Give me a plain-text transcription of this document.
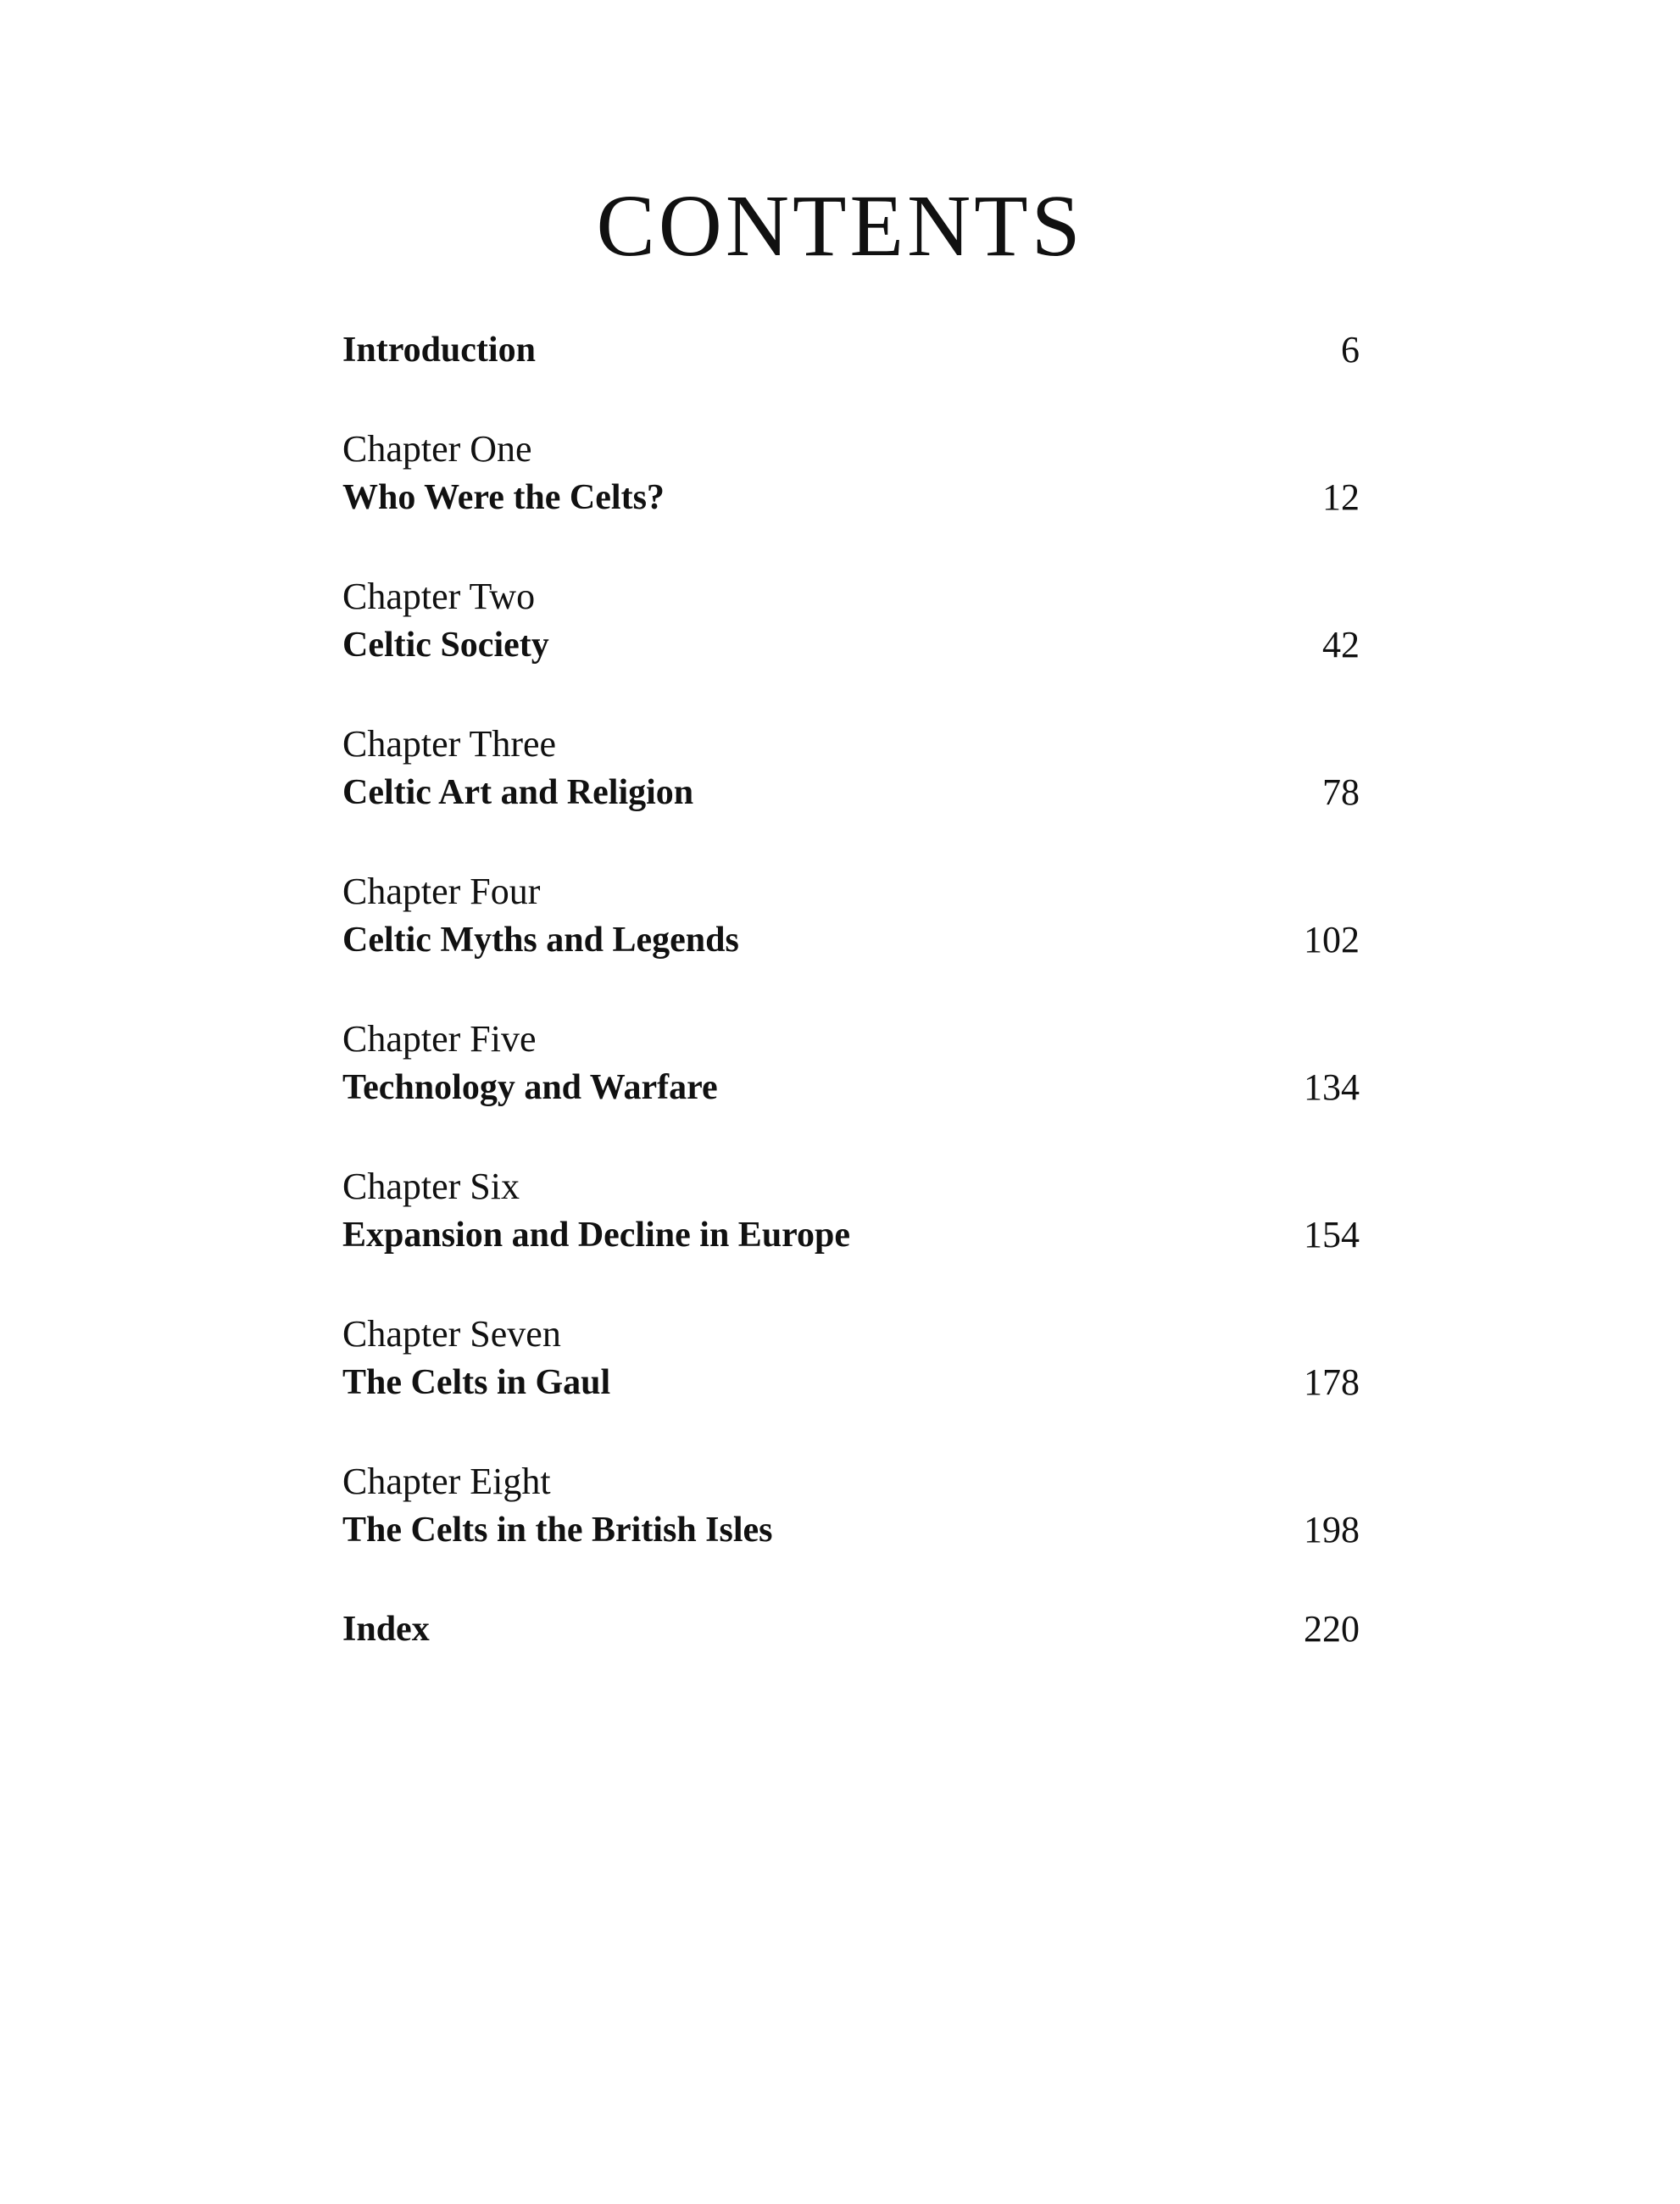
CONTENTS
Introduction	6
Chapter One
Who Were the Celts?	12
Chapter Two
Celtic Society	42
Chapter Three
Celtic Art and Religion	78
Chapter Four
Celtic Myths and Legends	102
Chapter Five
Technology and Warfare	134
Chapter Six
Expansion and Decline in Europe	154
Chapter Seven
The Celts in Gaul	178
Chapter Eight
The Celts in the British Isles	198
Index	220
